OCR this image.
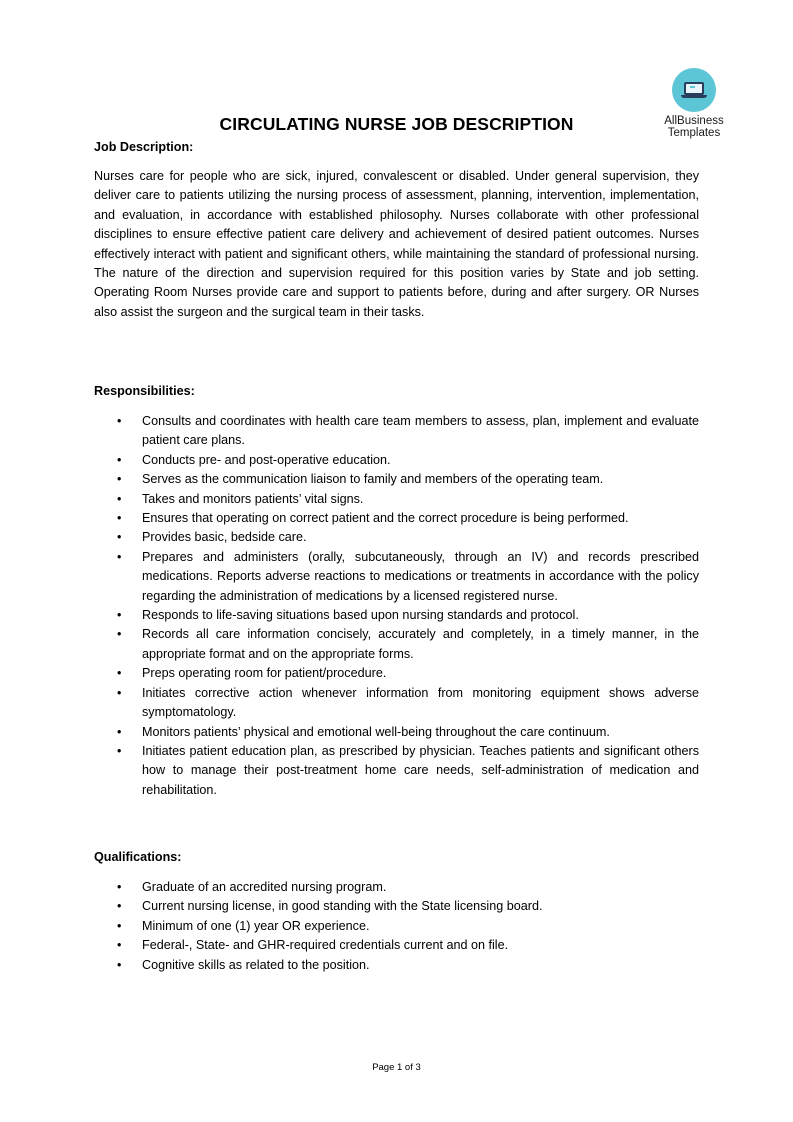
AllBusiness
Templates
CIRCULATING NURSE JOB DESCRIPTION
Job Description:

Nurses care for people who are sick, injured, convalescent or disabled. Under general supervision, they deliver care to patients utilizing the nursing process of assessment, planning, intervention, implementation, and evaluation, in accordance with established philosophy. Nurses collaborate with other professional disciplines to ensure effective patient care delivery and achievement of desired patient outcomes. Nurses effectively interact with patient and significant others, while maintaining the standard of professional nursing. The nature of the direction and supervision required for this position varies by State and job setting. Operating Room Nurses provide care and support to patients before, during and after surgery. OR Nurses also assist the surgeon and the surgical team in their tasks.

Responsibilities:
• Consults and coordinates with health care team members to assess, plan, implement and evaluate patient care plans.
• Conducts pre- and post-operative education.
• Serves as the communication liaison to family and members of the operating team.
• Takes and monitors patients’ vital signs.
• Ensures that operating on correct patient and the correct procedure is being performed.
• Provides basic, bedside care.
• Prepares and administers (orally, subcutaneously, through an IV) and records prescribed medications. Reports adverse reactions to medications or treatments in accordance with the policy regarding the administration of medications by a licensed registered nurse.
• Responds to life-saving situations based upon nursing standards and protocol.
• Records all care information concisely, accurately and completely, in a timely manner, in the appropriate format and on the appropriate forms.
• Preps operating room for patient/procedure.
• Initiates corrective action whenever information from monitoring equipment shows adverse symptomatology.
• Monitors patients’ physical and emotional well-being throughout the care continuum.
• Initiates patient education plan, as prescribed by physician. Teaches patients and significant others how to manage their post-treatment home care needs, self-administration of medication and rehabilitation.
Qualifications:
• Graduate of an accredited nursing program.
• Current nursing license, in good standing with the State licensing board.
• Minimum of one (1) year OR experience.
• Federal-, State- and GHR-required credentials current and on file.
• Cognitive skills as related to the position.
Page 1 of 3
